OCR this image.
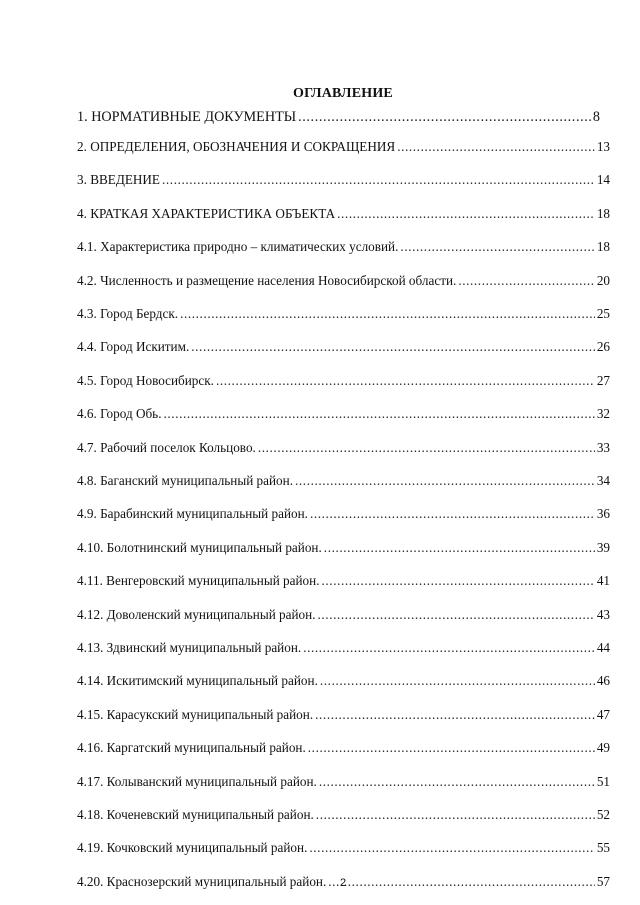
ОГЛАВЛЕНИЕ
1. НОРМАТИВНЫЕ ДОКУМЕНТЫ .....	8
2. ОПРЕДЕЛЕНИЯ, ОБОЗНАЧЕНИЯ И СОКРАЩЕНИЯ .....	13
3. ВВЕДЕНИЕ .....	14
4. КРАТКАЯ ХАРАКТЕРИСТИКА ОБЪЕКТА .....	18
4.1. Характеристика природно – климатических условий. .....	18
4.2. Численность и размещение населения Новосибирской области. .....	20
4.3. Город Бердск. .....	25
4.4. Город Искитим. .....	26
4.5. Город Новосибирск. .....	27
4.6. Город Обь. .....	32
4.7. Рабочий поселок Кольцово. .....	33
4.8. Баганский муниципальный район. .....	34
4.9. Барабинский муниципальный район. .....	36
4.10. Болотнинский муниципальный район. .....	39
4.11. Венгеровский муниципальный район. .....	41
4.12. Доволенский муниципальный район. .....	43
4.13. Здвинский муниципальный район. .....	44
4.14. Искитимский муниципальный район. .....	46
4.15. Карасукский муниципальный район. .....	47
4.16. Каргатский муниципальный район. .....	49
4.17. Колыванский муниципальный район. .....	51
4.18. Коченевский муниципальный район. .....	52
4.19. Кочковский муниципальный район. .....	55
4.20. Краснозерский муниципальный район. .....	57
2
